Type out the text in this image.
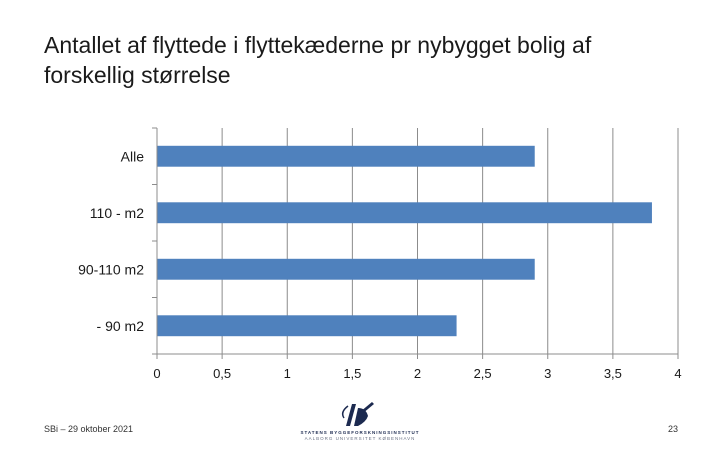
Antallet af flyttede i flyttekæderne pr nybygget bolig af forskellig størrelse
0	0,5	1	1,5	2	2,5	3	3,5	4
Alle
110 - m2
90-110 m2
- 90 m2
STATENS BYGGEFORSKNINGSINSTITUT
AALBORG UNIVERSITET KØBENHAVN
SBi – 29 oktober 2021	23
